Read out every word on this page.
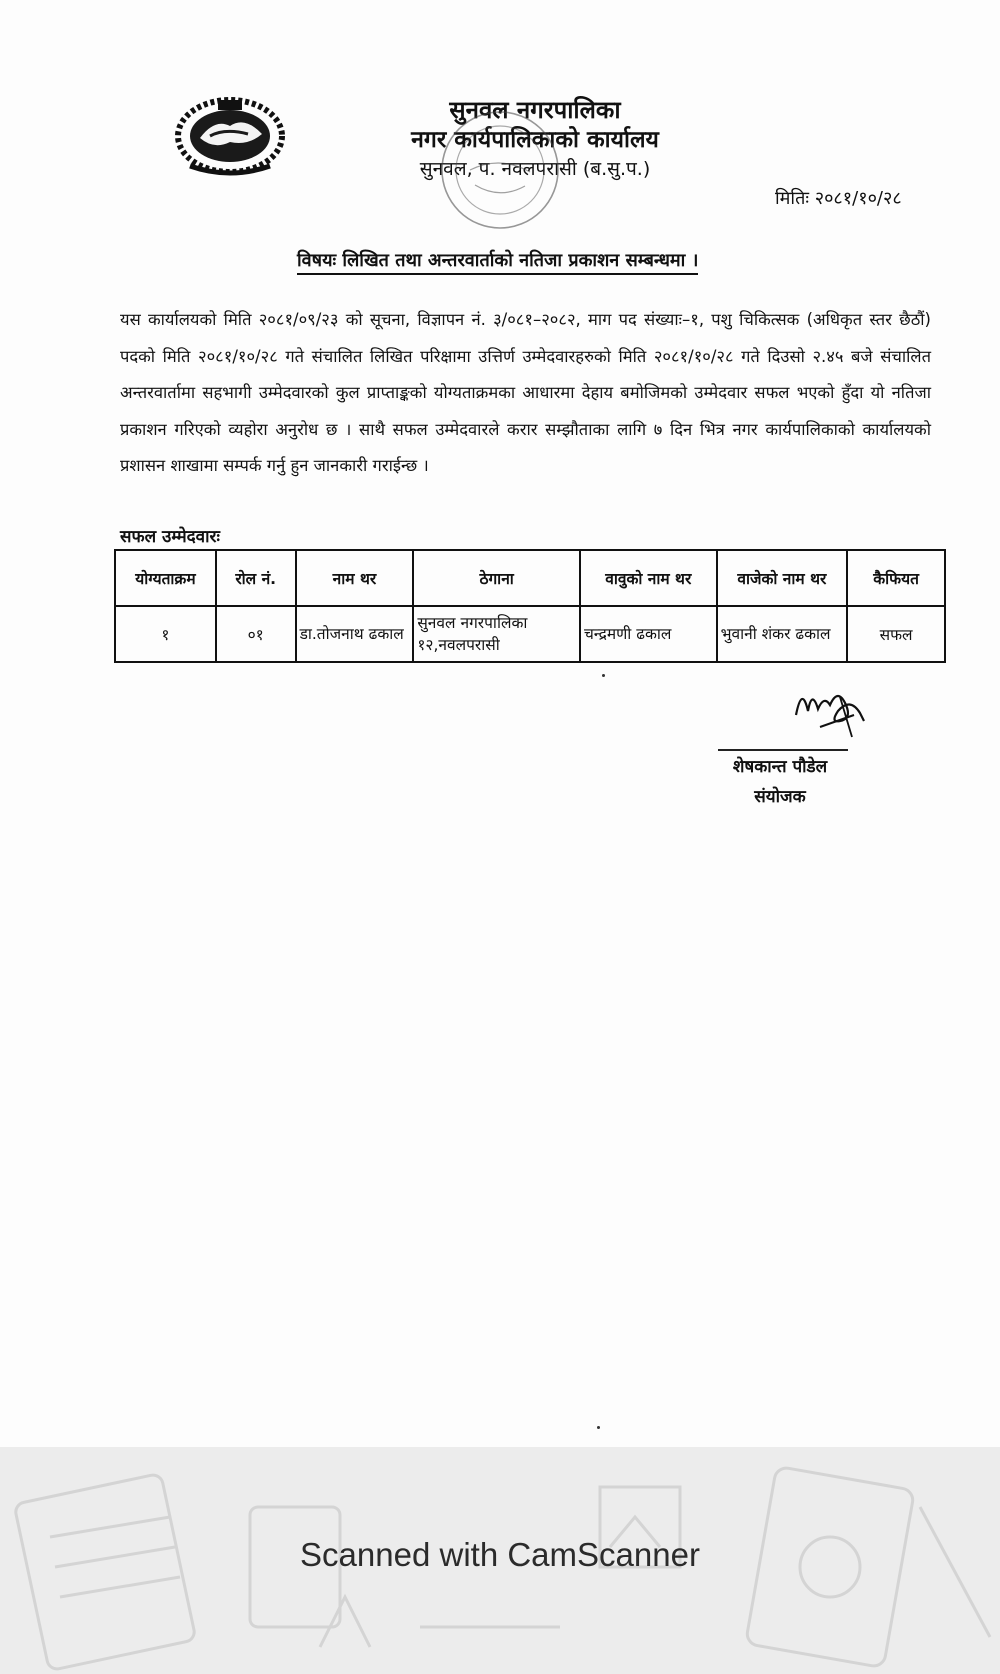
सुनवल नगरपालिका
नगर कार्यपालिकाको कार्यालय
सुनवल, प. नवलपरासी (ब.सु.प.)
मितिः २०८१/१०/२८
विषयः लिखित तथा अन्तरवार्ताको नतिजा प्रकाशन सम्बन्धमा ।
यस कार्यालयको मिति २०८१/०९/२३ को सूचना, विज्ञापन नं. ३/०८१–२०८२, माग पद संख्याः–१, पशु चिकित्सक (अधिकृत स्तर छैठौं) पदको मिति २०८१/१०/२८ गते संचालित लिखित परिक्षामा उत्तिर्ण उम्मेदवारहरुको मिति २०८१/१०/२८ गते दिउसो २.४५ बजे संचालित अन्तरवार्तामा सहभागी उम्मेदवारको कुल प्राप्ताङ्कको योग्यताक्रमका आधारमा देहाय बमोजिमको उम्मेदवार सफल भएको हुँदा यो नतिजा प्रकाशन गरिएको व्यहोरा अनुरोध छ । साथै सफल उम्मेदवारले करार सम्झौताका लागि ७ दिन भित्र नगर कार्यपालिकाको कार्यालयको प्रशासन शाखामा सम्पर्क गर्नु हुन जानकारी गराईन्छ ।
सफल उम्मेदवारः
योग्यताक्रम	रोल नं.	नाम थर	ठेगाना	वावुको नाम थर	वाजेको नाम थर	कैफियत
१	०१	डा.तोजनाथ ढकाल	सुनवल नगरपालिका १२,नवलपरासी	चन्द्रमणी ढकाल	भुवानी शंकर ढकाल	सफल
शेषकान्त पौडेल
संयोजक
Scanned with CamScanner
